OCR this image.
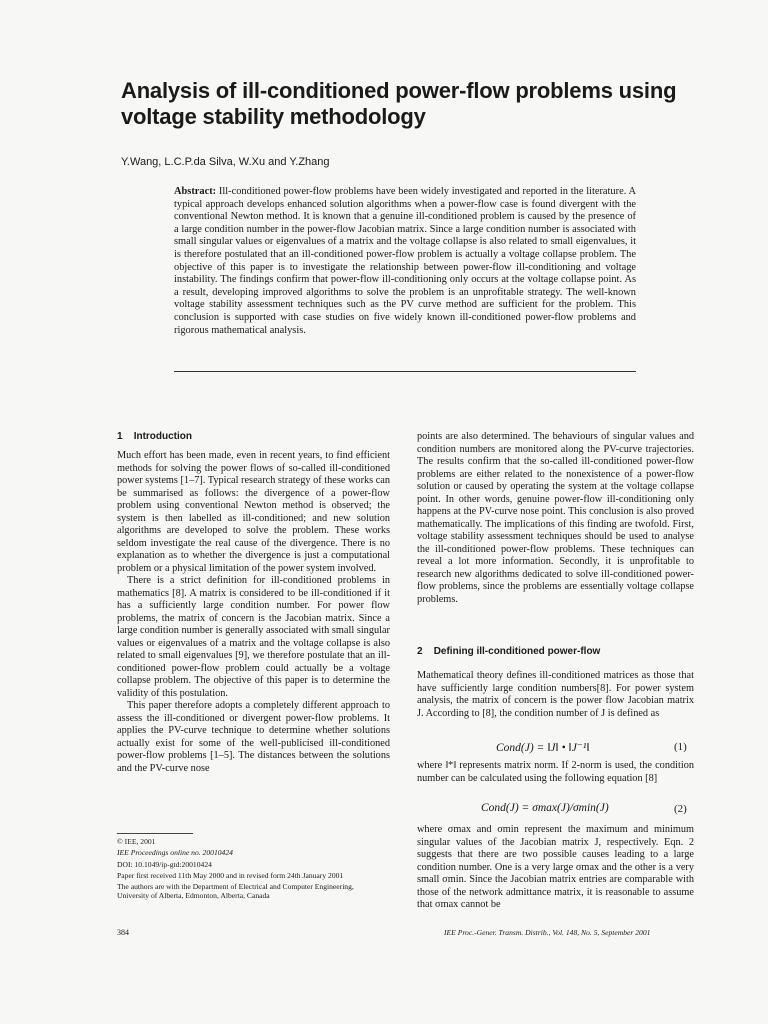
Analysis of ill-conditioned power-flow problems using voltage stability methodology
Y.Wang, L.C.P.da Silva, W.Xu and Y.Zhang
Abstract: Ill-conditioned power-flow problems have been widely investigated and reported in the literature. A typical approach develops enhanced solution algorithms when a power-flow case is found divergent with the conventional Newton method. It is known that a genuine ill-conditioned problem is caused by the presence of a large condition number in the power-flow Jacobian matrix. Since a large condition number is associated with small singular values or eigenvalues of a matrix and the voltage collapse is also related to small eigenvalues, it is therefore postulated that an ill-conditioned power-flow problem is actually a voltage collapse problem. The objective of this paper is to investigate the relationship between power-flow ill-conditioning and voltage instability. The findings confirm that power-flow ill-conditioning only occurs at the voltage collapse point. As a result, developing improved algorithms to solve the problem is an unprofitable strategy. The well-known voltage stability assessment techniques such as the PV curve method are sufficient for the problem. This conclusion is supported with case studies on five widely known ill-conditioned power-flow problems and rigorous mathematical analysis.
1 Introduction

Much effort has been made, even in recent years, to find efficient methods for solving the power flows of so-called ill-conditioned power systems [1–7]. Typical research strategy of these works can be summarised as follows: the divergence of a power-flow problem using conventional Newton method is observed; the system is then labelled as ill-conditioned; and new solution algorithms are developed to solve the problem. These works seldom investigate the real cause of the divergence. There is no explanation as to whether the divergence is just a computational problem or a physical limitation of the power system involved.

There is a strict definition for ill-conditioned problems in mathematics [8]. A matrix is considered to be ill-conditioned if it has a sufficiently large condition number. For power flow problems, the matrix of concern is the Jacobian matrix. Since a large condition number is generally associated with small singular values or eigenvalues of a matrix and the voltage collapse is also related to small eigenvalues [9], we therefore postulate that an ill-conditioned power-flow problem could actually be a voltage collapse problem. The objective of this paper is to determine the validity of this postulation.

This paper therefore adopts a completely different approach to assess the ill-conditioned or divergent power-flow problems. It applies the PV-curve technique to determine whether solutions actually exist for some of the well-publicised ill-conditioned power-flow problems [1–5]. The distances between the solutions and the PV-curve nose

© IEE, 2001
IEE Proceedings online no. 20010424
DOI: 10.1049/ip-gtd:20010424
Paper first received 11th May 2000 and in revised form 24th January 2001
The authors are with the Department of Electrical and Computer Engineering,
University of Alberta, Edmonton, Alberta, Canada
points are also determined. The behaviours of singular values and condition numbers are monitored along the PV-curve trajectories. The results confirm that the so-called ill-conditioned power-flow problems are either related to the nonexistence of a power-flow solution or caused by operating the system at the voltage collapse point. In other words, genuine power-flow ill-conditioning only happens at the PV-curve nose point. This conclusion is also proved mathematically. The implications of this finding are twofold. First, voltage stability assessment techniques should be used to analyse the ill-conditioned power-flow problems. These techniques can reveal a lot more information. Secondly, it is unprofitable to research new algorithms dedicated to solve ill-conditioned power-flow problems, since the problems are essentially voltage collapse problems.
2 Defining ill-conditioned power-flow
Mathematical theory defines ill-conditioned matrices as those that have sufficiently large condition numbers[8]. For power system analysis, the matrix of concern is the power flow Jacobian matrix J. According to [8], the condition number of J is defined as
Cond(J) = ‖J‖ • ‖J⁻¹‖	(1)
where ‖*‖ represents matrix norm. If 2-norm is used, the condition number can be calculated using the following equation [8]
Cond(J) = σmax(J)/σmin(J)	(2)
where σmax and σmin represent the maximum and minimum singular values of the Jacobian matrix J, respectively. Eqn. 2 suggests that there are two possible causes leading to a large condition number. One is a very large σmax and the other is a very small σmin. Since the Jacobian matrix entries are comparable with those of the network admittance matrix, it is reasonable to assume that σmax cannot be
384	IEE Proc.-Gener. Transm. Distrib., Vol. 148, No. 5, September 2001
